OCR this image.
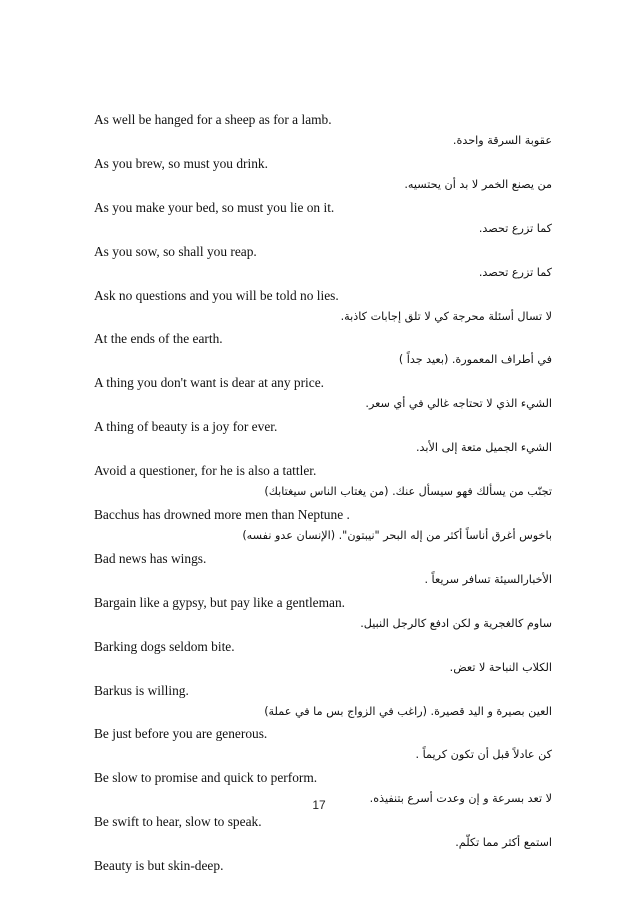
As well be hanged for a sheep as for a lamb.
عقوبة السرقة واحدة.
As you brew, so must you drink.
من يصنع الخمر لا بد أن يحتسيه.
As you make your bed, so must you lie on it.
كما تزرع تحصد.
As you sow, so shall you reap.
كما تزرع تحصد.
Ask no questions and you will be told no lies.
لا تسال أسئلة محرجة كي لا تلق إجابات كاذبة.
At the ends of the earth.
في أطراف المعمورة. (بعيد جداً )
A thing you don't want is dear at any price.
الشيء الذي لا تحتاجه غالي في أي سعر.
A thing of beauty is a joy for ever.
الشيء الجميل متعة إلى الأبد.
Avoid a questioner, for he is also a tattler.
تجنّب من يسألك فهو سيسأل عنك. (من يغتاب الناس سيغتابك)
Bacchus has drowned more men than Neptune .
باخوس أغرق أناساً أكثر من إله البحر "نيبتون". (الإنسان عدو نفسه)
Bad news has wings.
الأخبارالسيئة تسافر سريعاً .
Bargain like a gypsy, but pay like a gentleman.
ساوم كالغجرية و لكن ادفع كالرجل النبيل.
Barking dogs seldom bite.
الكلاب النباحة لا تعض.
Barkus is willing.
العين بصيرة و اليد قصيرة. (راغب في الزواج بس ما في عملة)
Be just before you are generous.
كن عادلاً قبل أن تكون كريماً .
Be slow to promise and quick to perform.
لا تعد بسرعة و إن وعدت أسرع بتنفيذه.
Be swift to hear, slow to speak.
استمع أكثر مما تكلّم.
Beauty is but skin-deep.
17
